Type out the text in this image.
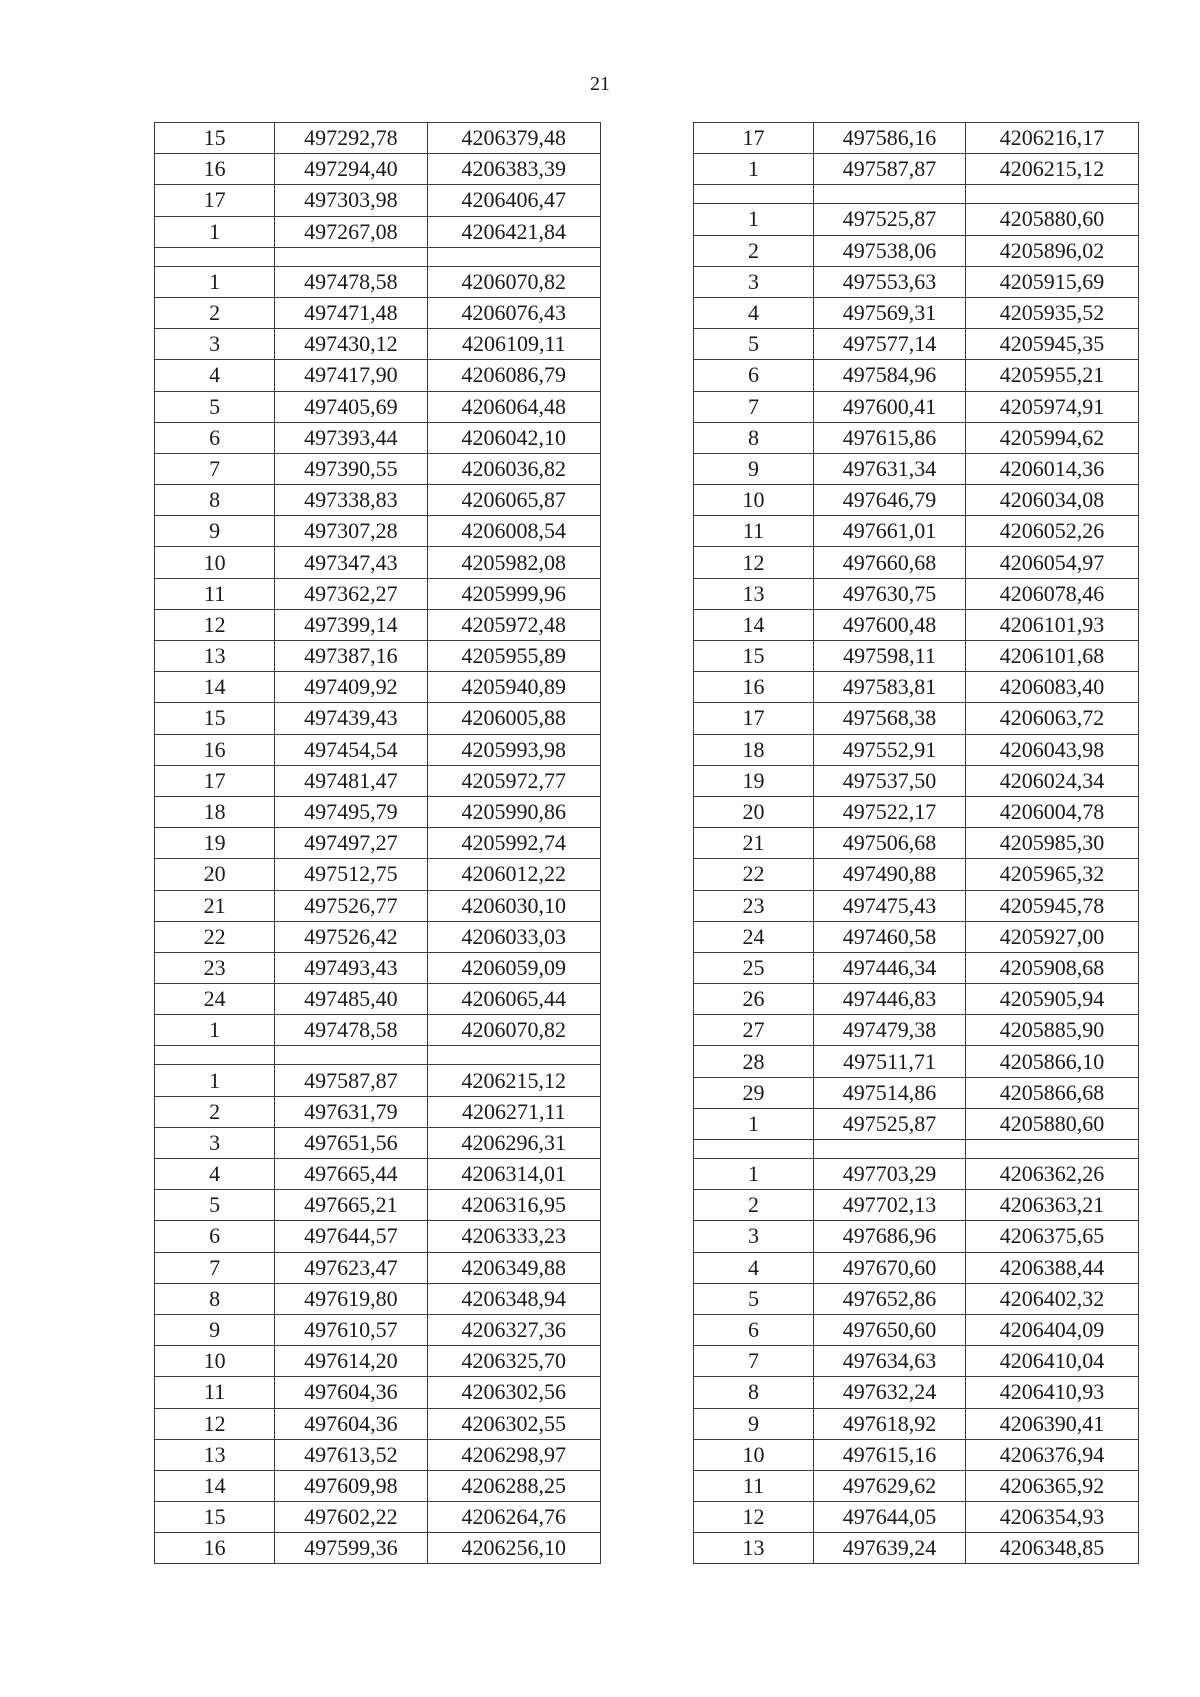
21
15	497292,78	4206379,48
16	497294,40	4206383,39
17	497303,98	4206406,47
1	497267,08	4206421,84

1	497478,58	4206070,82
2	497471,48	4206076,43
3	497430,12	4206109,11
4	497417,90	4206086,79
5	497405,69	4206064,48
6	497393,44	4206042,10
7	497390,55	4206036,82
8	497338,83	4206065,87
9	497307,28	4206008,54
10	497347,43	4205982,08
11	497362,27	4205999,96
12	497399,14	4205972,48
13	497387,16	4205955,89
14	497409,92	4205940,89
15	497439,43	4206005,88
16	497454,54	4205993,98
17	497481,47	4205972,77
18	497495,79	4205990,86
19	497497,27	4205992,74
20	497512,75	4206012,22
21	497526,77	4206030,10
22	497526,42	4206033,03
23	497493,43	4206059,09
24	497485,40	4206065,44
1	497478,58	4206070,82

1	497587,87	4206215,12
2	497631,79	4206271,11
3	497651,56	4206296,31
4	497665,44	4206314,01
5	497665,21	4206316,95
6	497644,57	4206333,23
7	497623,47	4206349,88
8	497619,80	4206348,94
9	497610,57	4206327,36
10	497614,20	4206325,70
11	497604,36	4206302,56
12	497604,36	4206302,55
13	497613,52	4206298,97
14	497609,98	4206288,25
15	497602,22	4206264,76
16	497599,36	4206256,10
17	497586,16	4206216,17
1	497587,87	4206215,12

1	497525,87	4205880,60
2	497538,06	4205896,02
3	497553,63	4205915,69
4	497569,31	4205935,52
5	497577,14	4205945,35
6	497584,96	4205955,21
7	497600,41	4205974,91
8	497615,86	4205994,62
9	497631,34	4206014,36
10	497646,79	4206034,08
11	497661,01	4206052,26
12	497660,68	4206054,97
13	497630,75	4206078,46
14	497600,48	4206101,93
15	497598,11	4206101,68
16	497583,81	4206083,40
17	497568,38	4206063,72
18	497552,91	4206043,98
19	497537,50	4206024,34
20	497522,17	4206004,78
21	497506,68	4205985,30
22	497490,88	4205965,32
23	497475,43	4205945,78
24	497460,58	4205927,00
25	497446,34	4205908,68
26	497446,83	4205905,94
27	497479,38	4205885,90
28	497511,71	4205866,10
29	497514,86	4205866,68
1	497525,87	4205880,60

1	497703,29	4206362,26
2	497702,13	4206363,21
3	497686,96	4206375,65
4	497670,60	4206388,44
5	497652,86	4206402,32
6	497650,60	4206404,09
7	497634,63	4206410,04
8	497632,24	4206410,93
9	497618,92	4206390,41
10	497615,16	4206376,94
11	497629,62	4206365,92
12	497644,05	4206354,93
13	497639,24	4206348,85
